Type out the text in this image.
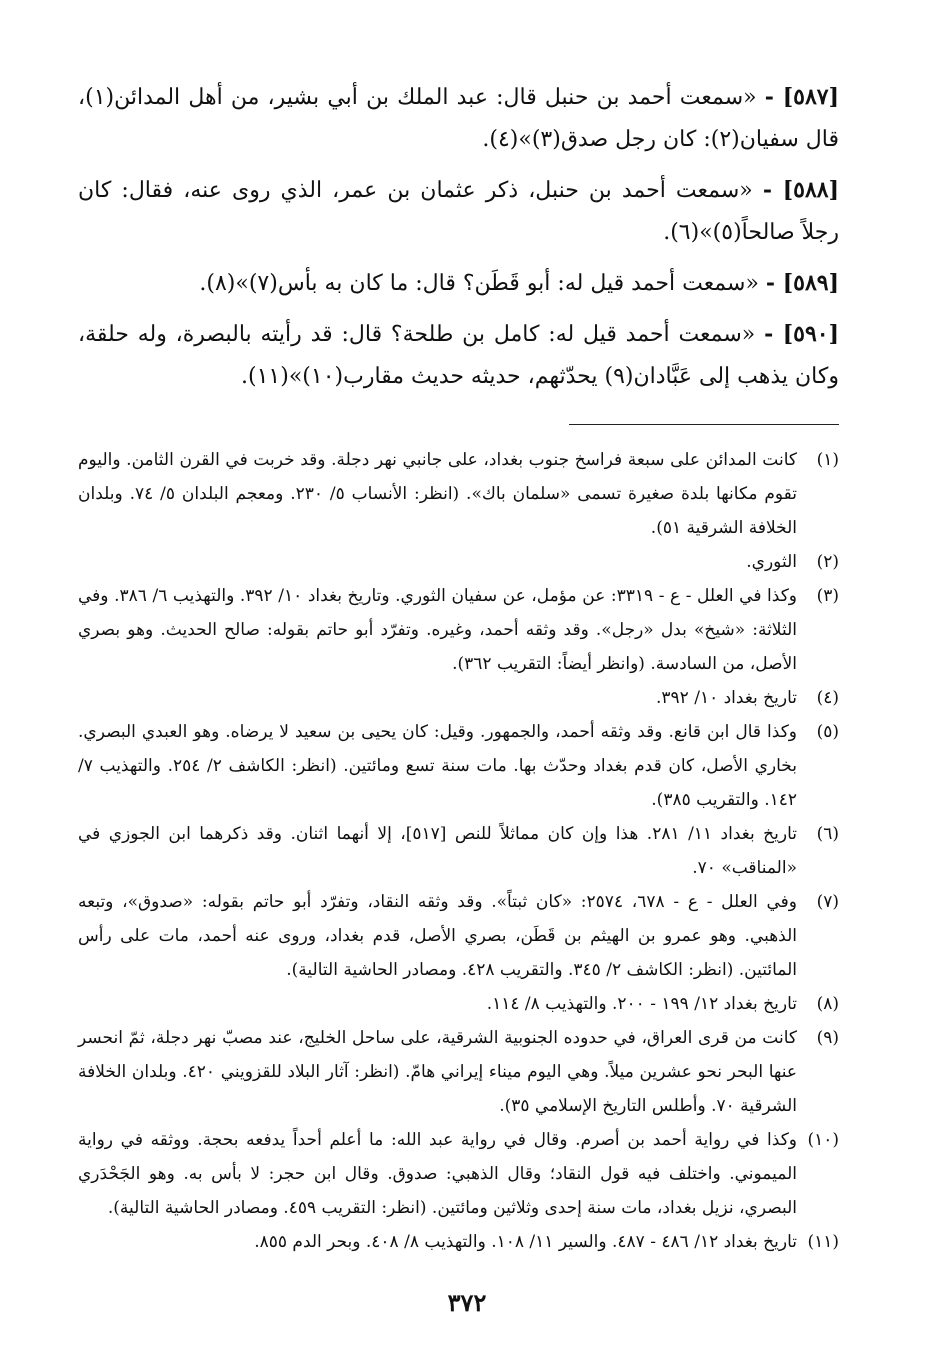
[٥٨٧] - «سمعت أحمد بن حنبل قال: عبد الملك بن أبي بشير، من أهل المدائن(١)، قال سفيان(٢): كان رجل صدق(٣)»(٤).

[٥٨٨] - «سمعت أحمد بن حنبل، ذكر عثمان بن عمر، الذي روى عنه، فقال: كان رجلاً صالحاً(٥)»(٦).

[٥٨٩] - «سمعت أحمد قيل له: أبو قَطَن؟ قال: ما كان به بأس(٧)»(٨).

[٥٩٠] - «سمعت أحمد قيل له: كامل بن طلحة؟ قال: قد رأيته بالبصرة، وله حلقة، وكان يذهب إلى عَبَّادان(٩) يحدّثهم، حديثه حديث مقارب(١٠)»(١١).

(١)
كانت المدائن على سبعة فراسخ جنوب بغداد، على جانبي نهر دجلة. وقد خربت في القرن الثامن. واليوم تقوم مكانها بلدة صغيرة تسمى «سلمان باك». (انظر: الأنساب ٥/ ٢٣٠. ومعجم البلدان ٥/ ٧٤. وبلدان الخلافة الشرقية ٥١).
(٢)
الثوري.
(٣)
وكذا في العلل - ع - ٣٣١٩: عن مؤمل، عن سفيان الثوري. وتاريخ بغداد ١٠/ ٣٩٢. والتهذيب ٦/ ٣٨٦. وفي الثلاثة: «شيخ» بدل «رجل». وقد وثقه أحمد، وغيره. وتفرّد أبو حاتم بقوله: صالح الحديث. وهو بصري الأصل، من السادسة. (وانظر أيضاً: التقريب ٣٦٢).
(٤)
تاريخ بغداد ١٠/ ٣٩٢.
(٥)
وكذا قال ابن قانع. وقد وثقه أحمد، والجمهور. وقيل: كان يحيى بن سعيد لا يرضاه. وهو العبدي البصري. بخاري الأصل، كان قدم بغداد وحدّث بها. مات سنة تسع ومائتين. (انظر: الكاشف ٢/ ٢٥٤. والتهذيب ٧/ ١٤٢. والتقريب ٣٨٥).
(٦)
تاريخ بغداد ١١/ ٢٨١. هذا وإن كان مماثلاً للنص [٥١٧]، إلا أنهما اثنان. وقد ذكرهما ابن الجوزي في «المناقب» ٧٠.
(٧)
وفي العلل - ع - ٦٧٨، ٢٥٧٤: «كان ثبتاً». وقد وثقه النقاد، وتفرّد أبو حاتم بقوله: «صدوق»، وتبعه الذهبي. وهو عمرو بن الهيثم بن قَطَن، بصري الأصل، قدم بغداد، وروى عنه أحمد، مات على رأس المائتين. (انظر: الكاشف ٢/ ٣٤٥. والتقريب ٤٢٨. ومصادر الحاشية التالية).
(٨)
تاريخ بغداد ١٢/ ١٩٩ - ٢٠٠. والتهذيب ٨/ ١١٤.
(٩)
كانت من قرى العراق، في حدوده الجنوبية الشرقية، على ساحل الخليج، عند مصبّ نهر دجلة، ثمّ انحسر عنها البحر نحو عشرين ميلاً. وهي اليوم ميناء إيراني هامّ. (انظر: آثار البلاد للقزويني ٤٢٠. وبلدان الخلافة الشرقية ٧٠. وأطلس التاريخ الإسلامي ٣٥).
(١٠)
وكذا في رواية أحمد بن أصرم. وقال في رواية عبد الله: ما أعلم أحداً يدفعه بحجة. ووثقه في رواية الميموني. واختلف فيه قول النقاد؛ وقال الذهبي: صدوق. وقال ابن حجر: لا بأس به. وهو الجَحْدَري البصري، نزيل بغداد، مات سنة إحدى وثلاثين ومائتين. (انظر: التقريب ٤٥٩. ومصادر الحاشية التالية).
(١١)
تاريخ بغداد ١٢/ ٤٨٦ - ٤٨٧. والسير ١١/ ١٠٨. والتهذيب ٨/ ٤٠٨. وبحر الدم ٨٥٥.
٣٧٢
